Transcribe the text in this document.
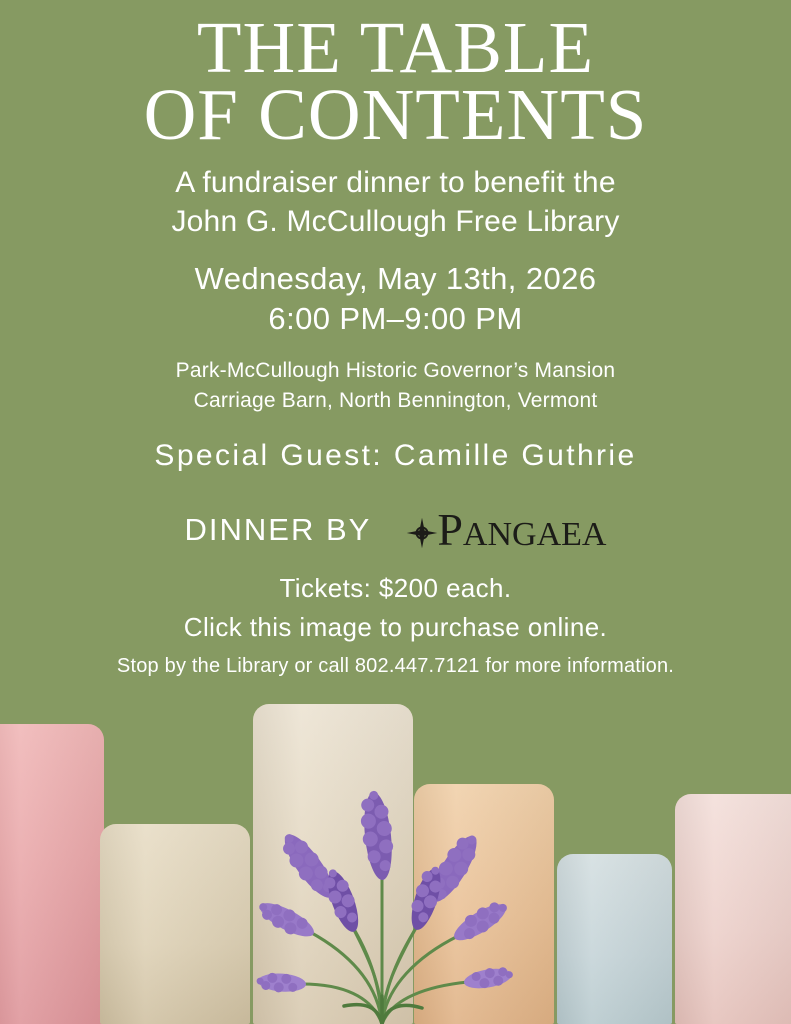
THE TABLE
OF CONTENTS
A fundraiser dinner to benefit the
John G. McCullough Free Library
Wednesday, May 13th, 2026
6:00 PM–9:00 PM
Park-McCullough Historic Governor’s Mansion
Carriage Barn, North Bennington, Vermont
Special Guest: Camille Guthrie
DINNER BY PANGAEA
Tickets: $200 each.
Click this image to purchase online.
Stop by the Library or call 802.447.7121 for more information.
